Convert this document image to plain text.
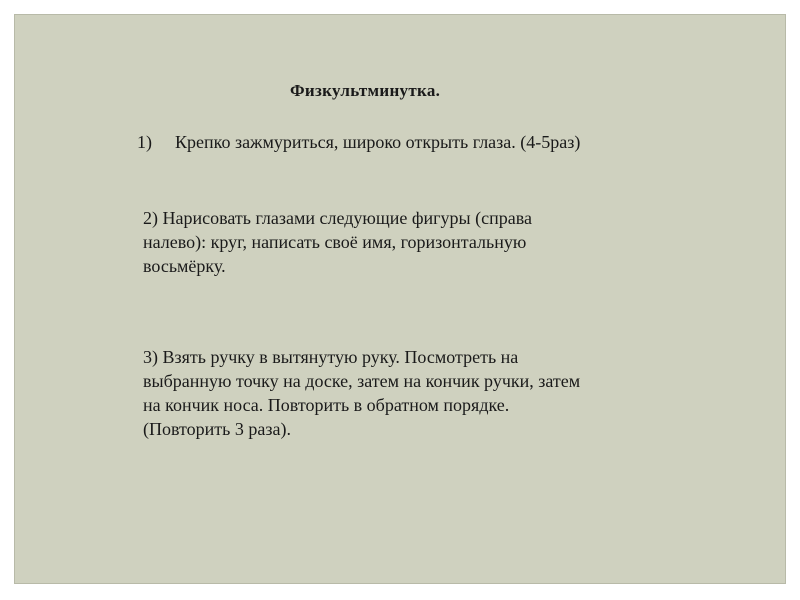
Физкультминутка.
1) Крепко зажмуриться, широко открыть глаза. (4-5раз)
2) Нарисовать глазами следующие фигуры (справа
налево): круг, написать своё имя, горизонтальную
восьмёрку.
3) Взять ручку в вытянутую руку. Посмотреть на
выбранную точку на доске, затем на кончик ручки, затем
на кончик носа. Повторить в обратном порядке.
(Повторить 3 раза).
